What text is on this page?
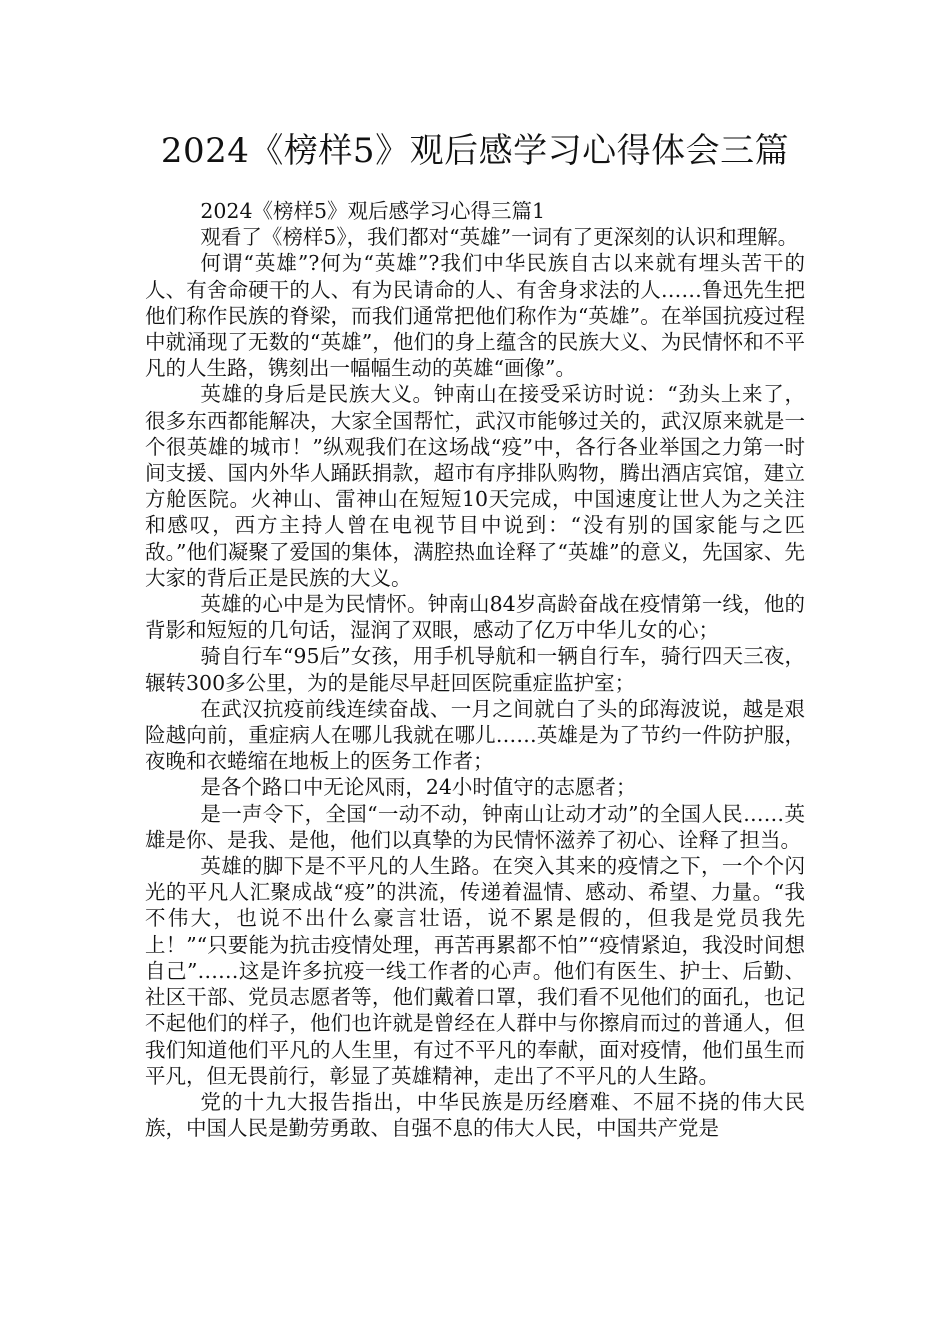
2024《榜样5》观后感学习心得体会三篇

2024《榜样5》观后感学习心得三篇1

观看了《榜样5》，我们都对“英雄”一词有了更深刻的认识和理解。

何谓“英雄”?何为“英雄”?我们中华民族自古以来就有埋头苦干的人、有舍命硬干的人、有为民请命的人、有舍身求法的人……鲁迅先生把他们称作民族的脊梁，而我们通常把他们称作为“英雄”。在举国抗疫过程中就涌现了无数的“英雄”，他们的身上蕴含的民族大义、为民情怀和不平凡的人生路，镌刻出一幅幅生动的英雄“画像”。

英雄的身后是民族大义。钟南山在接受采访时说：“劲头上来了，很多东西都能解决，大家全国帮忙，武汉市能够过关的，武汉原来就是一个很英雄的城市！”纵观我们在这场战“疫”中，各行各业举国之力第一时间支援、国内外华人踊跃捐款，超市有序排队购物，腾出酒店宾馆，建立方舱医院。火神山、雷神山在短短10天完成，中国速度让世人为之关注和感叹，西方主持人曾在电视节目中说到：“没有别的国家能与之匹敌。”他们凝聚了爱国的集体，满腔热血诠释了“英雄”的意义，先国家、先大家的背后正是民族的大义。

英雄的心中是为民情怀。钟南山84岁高龄奋战在疫情第一线，他的背影和短短的几句话，湿润了双眼，感动了亿万中华儿女的心；

骑自行车“95后”女孩，用手机导航和一辆自行车，骑行四天三夜，辗转300多公里，为的是能尽早赶回医院重症监护室；

在武汉抗疫前线连续奋战、一月之间就白了头的邱海波说，越是艰险越向前，重症病人在哪儿我就在哪儿……英雄是为了节约一件防护服，夜晚和衣蜷缩在地板上的医务工作者；

是各个路口中无论风雨，24小时值守的志愿者；

是一声令下，全国“一动不动，钟南山让动才动”的全国人民……英雄是你、是我、是他，他们以真挚的为民情怀滋养了初心、诠释了担当。

英雄的脚下是不平凡的人生路。在突入其来的疫情之下，一个个闪光的平凡人汇聚成战“疫”的洪流，传递着温情、感动、希望、力量。“我不伟大，也说不出什么豪言壮语，说不累是假的，但我是党员我先上！”“只要能为抗击疫情处理，再苦再累都不怕”“疫情紧迫，我没时间想自己”……这是许多抗疫一线工作者的心声。他们有医生、护士、后勤、社区干部、党员志愿者等，他们戴着口罩，我们看不见他们的面孔，也记不起他们的样子，他们也许就是曾经在人群中与你擦肩而过的普通人，但我们知道他们平凡的人生里，有过不平凡的奉献，面对疫情，他们虽生而平凡，但无畏前行，彰显了英雄精神，走出了不平凡的人生路。

党的十九大报告指出，中华民族是历经磨难、不屈不挠的伟大民族，中国人民是勤劳勇敢、自强不息的伟大人民，中国共产党是
